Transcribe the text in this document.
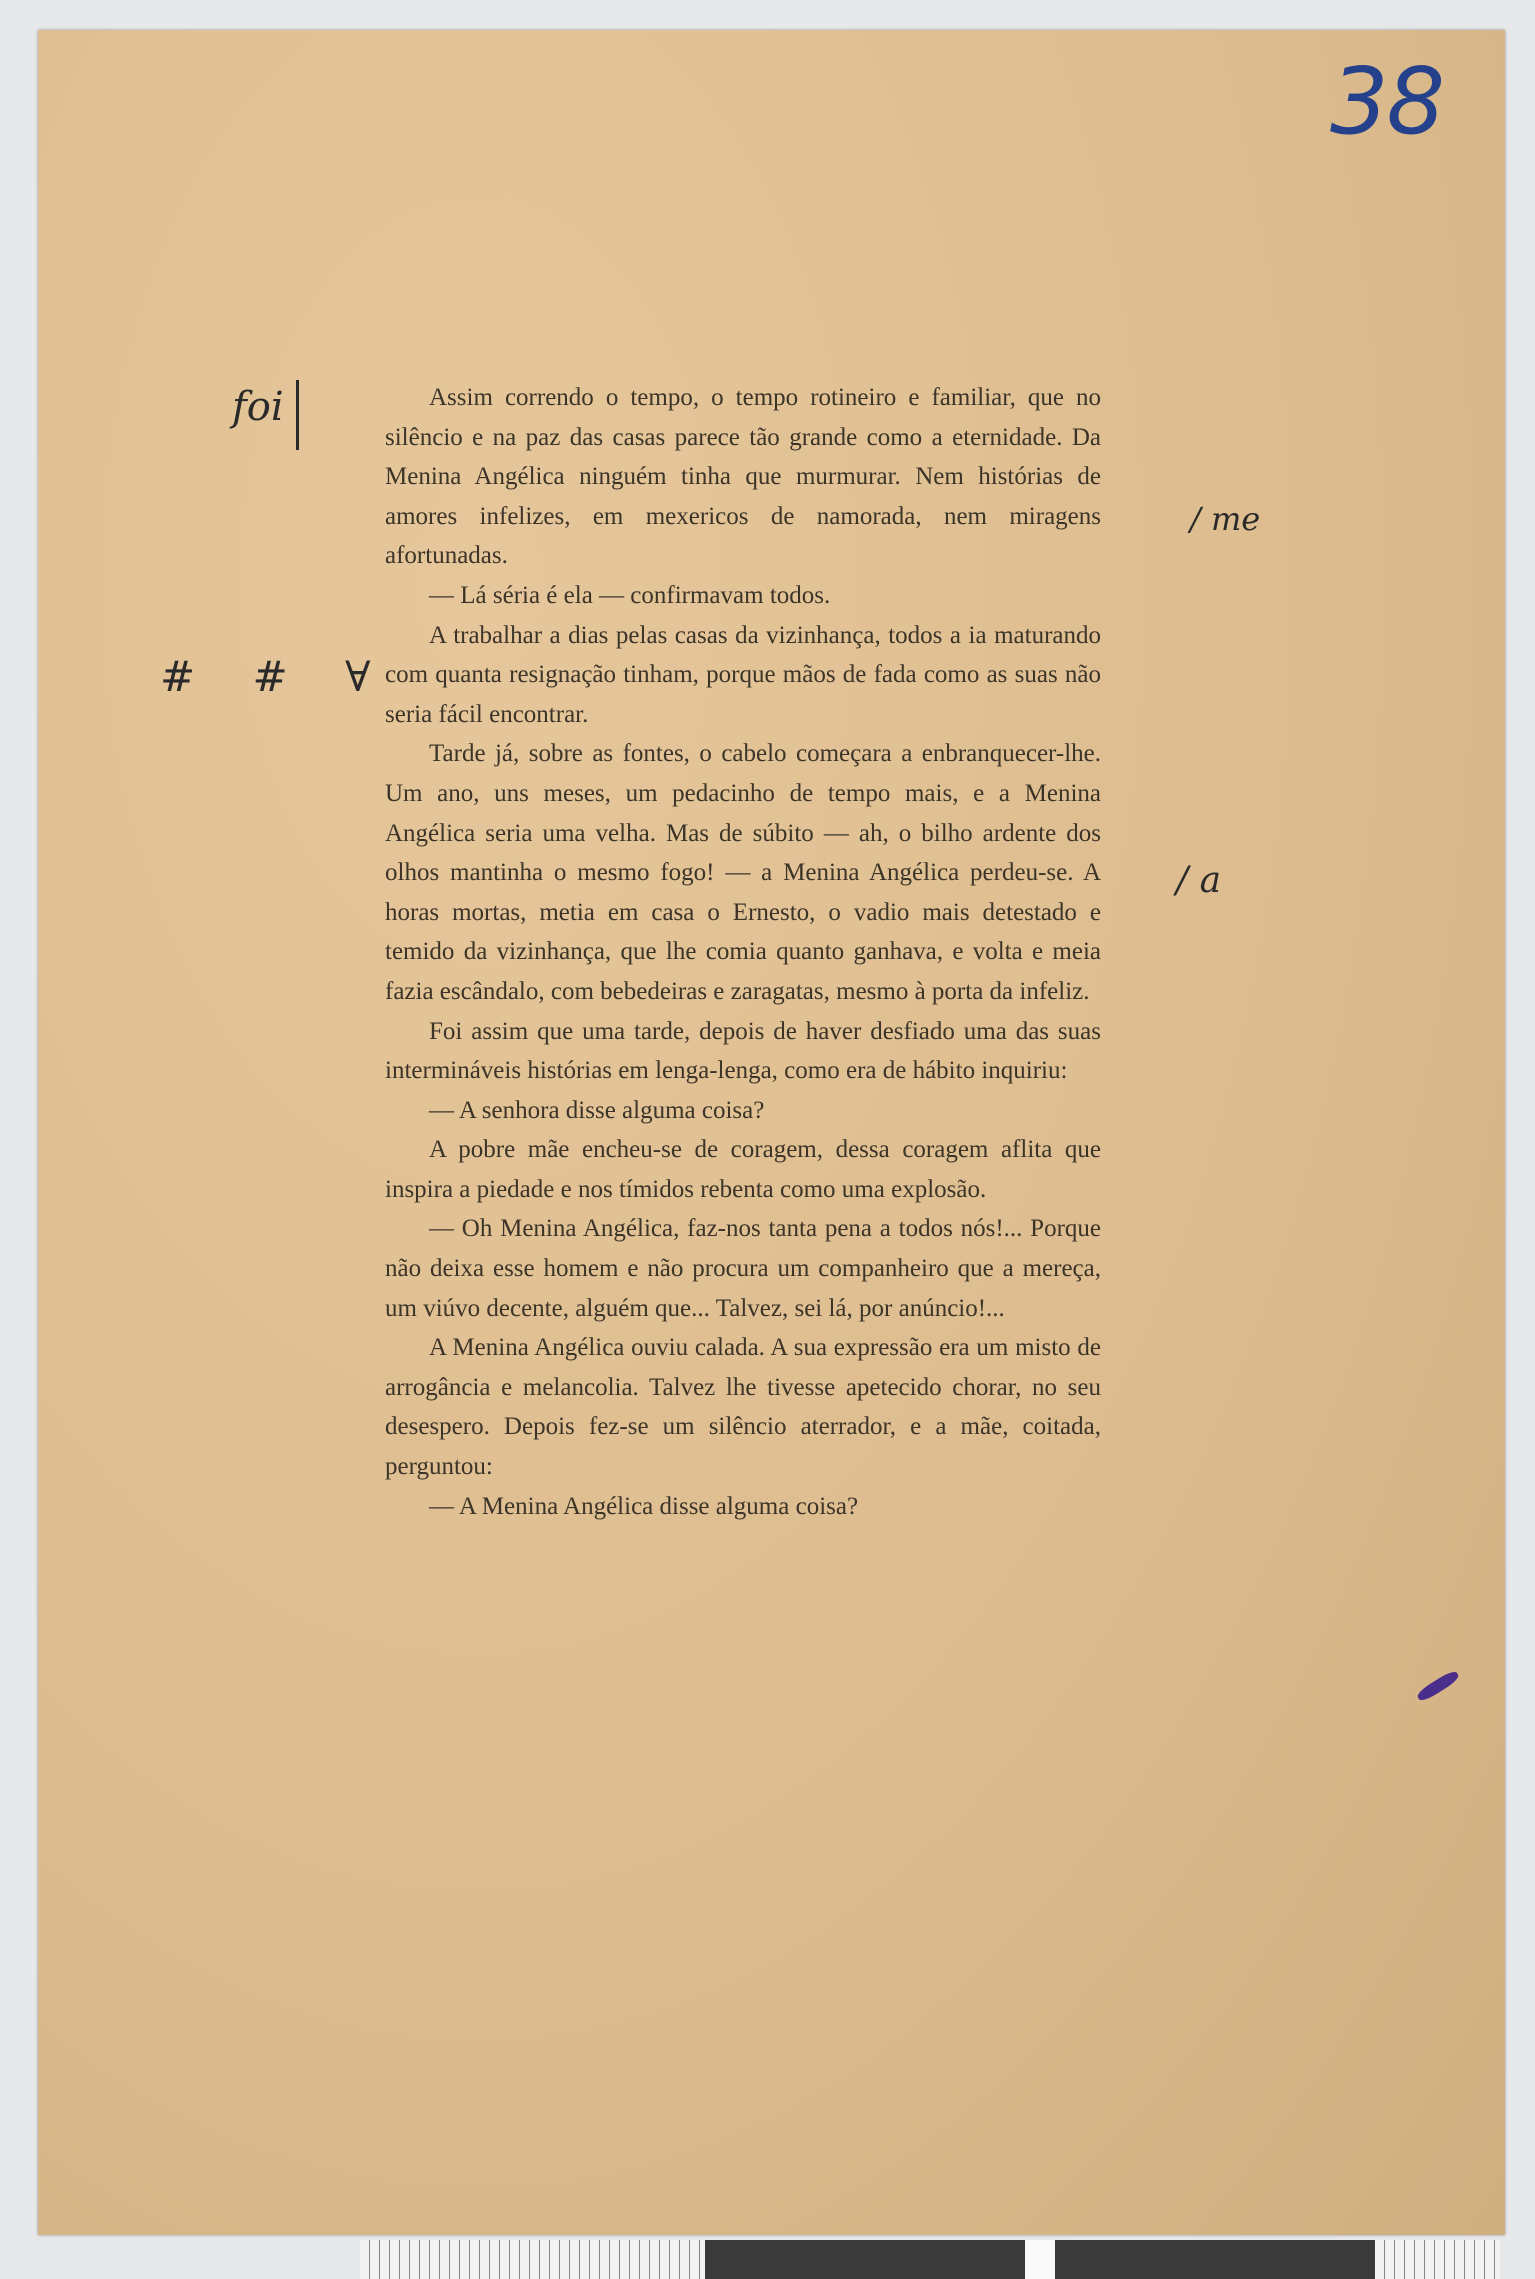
38
foi
# # ∀
/ me
/ a

Assim correndo o tempo, o tempo rotineiro e familiar, que no silêncio e na paz das casas parece tão grande como a eternidade. Da Menina Angélica ninguém tinha que murmurar. Nem histórias de amores infelizes, em mexericos de namorada, nem miragens afortunadas.

— Lá séria é ela — confirmavam todos.

A trabalhar a dias pelas casas da vizinhança, todos a ia maturando com quanta resignação tinham, porque mãos de fada como as suas não seria fácil encontrar.

Tarde já, sobre as fontes, o cabelo começara a enbranquecer-lhe. Um ano, uns meses, um pedacinho de tempo mais, e a Menina Angélica seria uma velha. Mas de súbito — ah, o bilho ardente dos olhos mantinha o mesmo fogo! — a Menina Angélica perdeu-se. A horas mortas, metia em casa o Ernesto, o vadio mais detestado e temido da vizinhança, que lhe comia quanto ganhava, e volta e meia fazia escândalo, com bebedeiras e zaragatas, mesmo à porta da infeliz.

Foi assim que uma tarde, depois de haver desfiado uma das suas intermináveis histórias em lenga-lenga, como era de hábito inquiriu:

— A senhora disse alguma coisa?

A pobre mãe encheu-se de coragem, dessa coragem aflita que inspira a piedade e nos tímidos rebenta como uma explosão.

— Oh Menina Angélica, faz-nos tanta pena a todos nós!... Porque não deixa esse homem e não procura um companheiro que a mereça, um viúvo decente, alguém que... Talvez, sei lá, por anúncio!...

A Menina Angélica ouviu calada. A sua expressão era um misto de arrogância e melancolia. Talvez lhe tivesse apetecido chorar, no seu desespero. Depois fez-se um silêncio aterrador, e a mãe, coitada, perguntou:

— A Menina Angélica disse alguma coisa?
